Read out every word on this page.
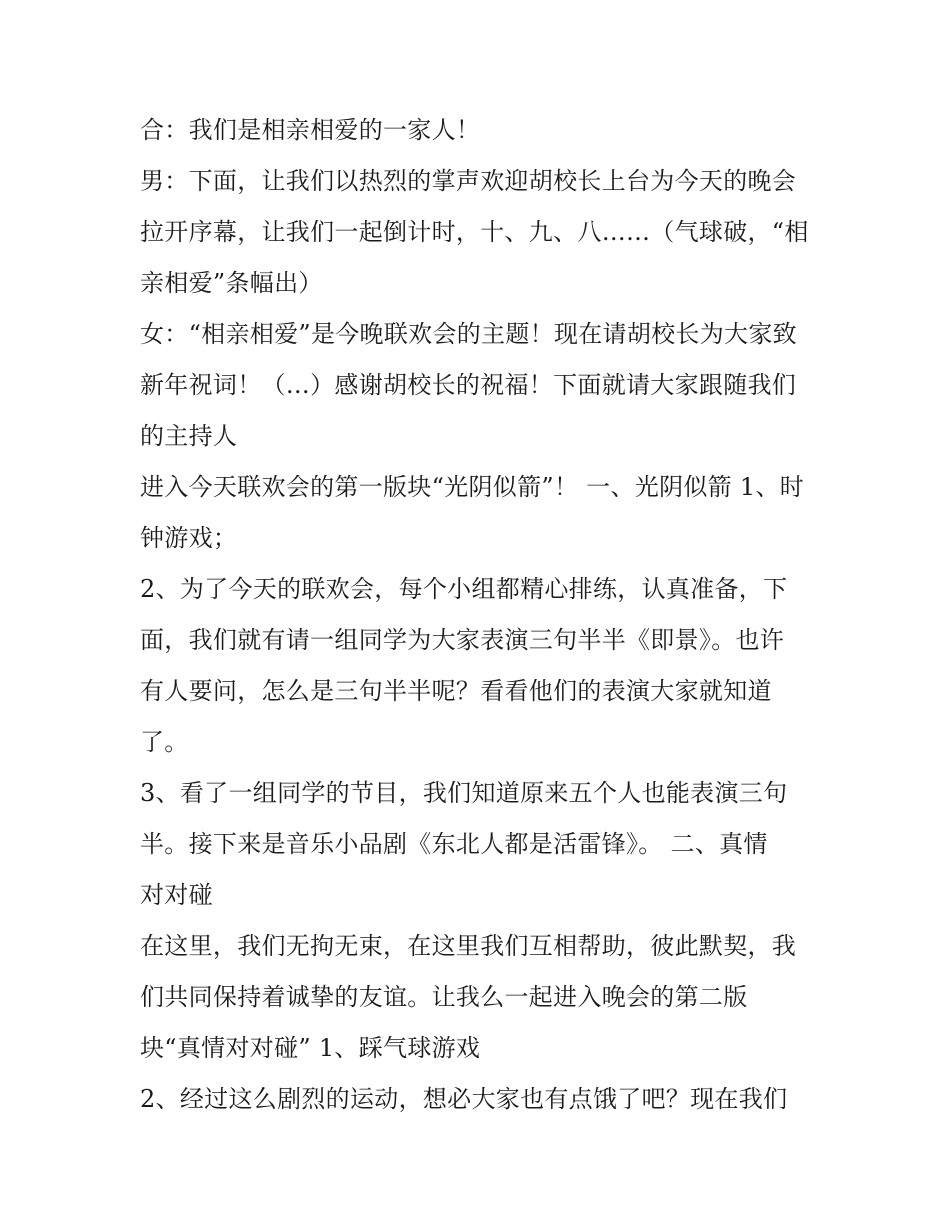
合：我们是相亲相爱的一家人！
男：下面，让我们以热烈的掌声欢迎胡校长上台为今天的晚会
拉开序幕，让我们一起倒计时，十、九、八……（气球破，“相
亲相爱”条幅出）
女：“相亲相爱”是今晚联欢会的主题！现在请胡校长为大家致
新年祝词！（…）感谢胡校长的祝福！下面就请大家跟随我们
的主持人
进入今天联欢会的第一版块“光阴似箭”！ 一、光阴似箭 1、时
钟游戏；
2、为了今天的联欢会，每个小组都精心排练，认真准备，下
面，我们就有请一组同学为大家表演三句半半《即景》。也许
有人要问，怎么是三句半半呢？看看他们的表演大家就知道
了。
3、看了一组同学的节目，我们知道原来五个人也能表演三句
半。接下来是音乐小品剧《东北人都是活雷锋》。 二、真情
对对碰
在这里，我们无拘无束，在这里我们互相帮助，彼此默契，我
们共同保持着诚挚的友谊。让我么一起进入晚会的第二版
块“真情对对碰” 1、踩气球游戏
2、经过这么剧烈的运动，想必大家也有点饿了吧？现在我们
